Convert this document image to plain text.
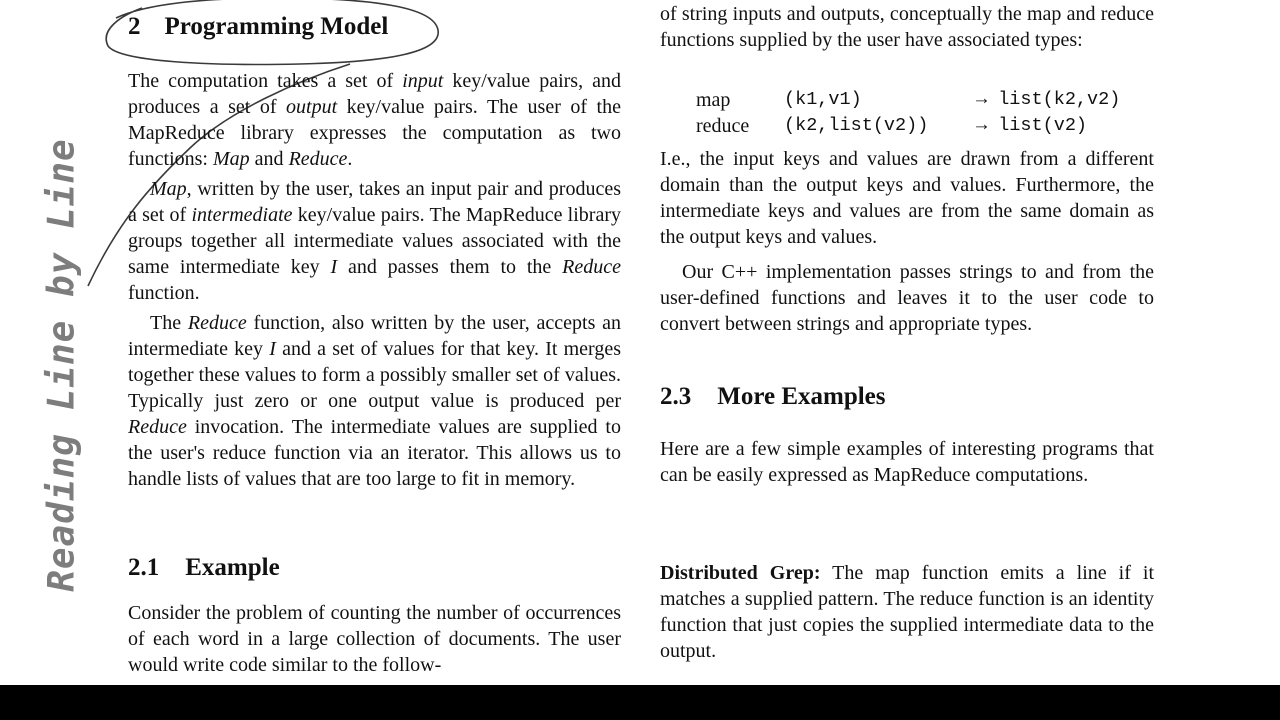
Reading Line by Line
2 Programming Model

The computation takes a set of input key/value pairs, and produces a set of output key/value pairs. The user of the MapReduce library expresses the computation as two functions: Map and Reduce.

Map, written by the user, takes an input pair and produces a set of intermediate key/value pairs. The MapReduce library groups together all intermediate values associated with the same intermediate key I and passes them to the Reduce function.

The Reduce function, also written by the user, accepts an intermediate key I and a set of values for that key. It merges together these values to form a possibly smaller set of values. Typically just zero or one output value is produced per Reduce invocation. The intermediate values are supplied to the user's reduce function via an iterator. This allows us to handle lists of values that are too large to fit in memory.

2.1 Example

Consider the problem of counting the number of occurrences of each word in a large collection of documents. The user would write code similar to the follow-

of string inputs and outputs, conceptually the map and reduce functions supplied by the user have associated types:

map	(k1,v1)	→ list(k2,v2)
reduce (k2,list(v2))	→ list(v2)

I.e., the input keys and values are drawn from a different domain than the output keys and values. Furthermore, the intermediate keys and values are from the same domain as the output keys and values.

Our C++ implementation passes strings to and from the user-defined functions and leaves it to the user code to convert between strings and appropriate types.

2.3 More Examples

Here are a few simple examples of interesting programs that can be easily expressed as MapReduce computations.

Distributed Grep: The map function emits a line if it matches a supplied pattern. The reduce function is an identity function that just copies the supplied intermediate data to the output.
